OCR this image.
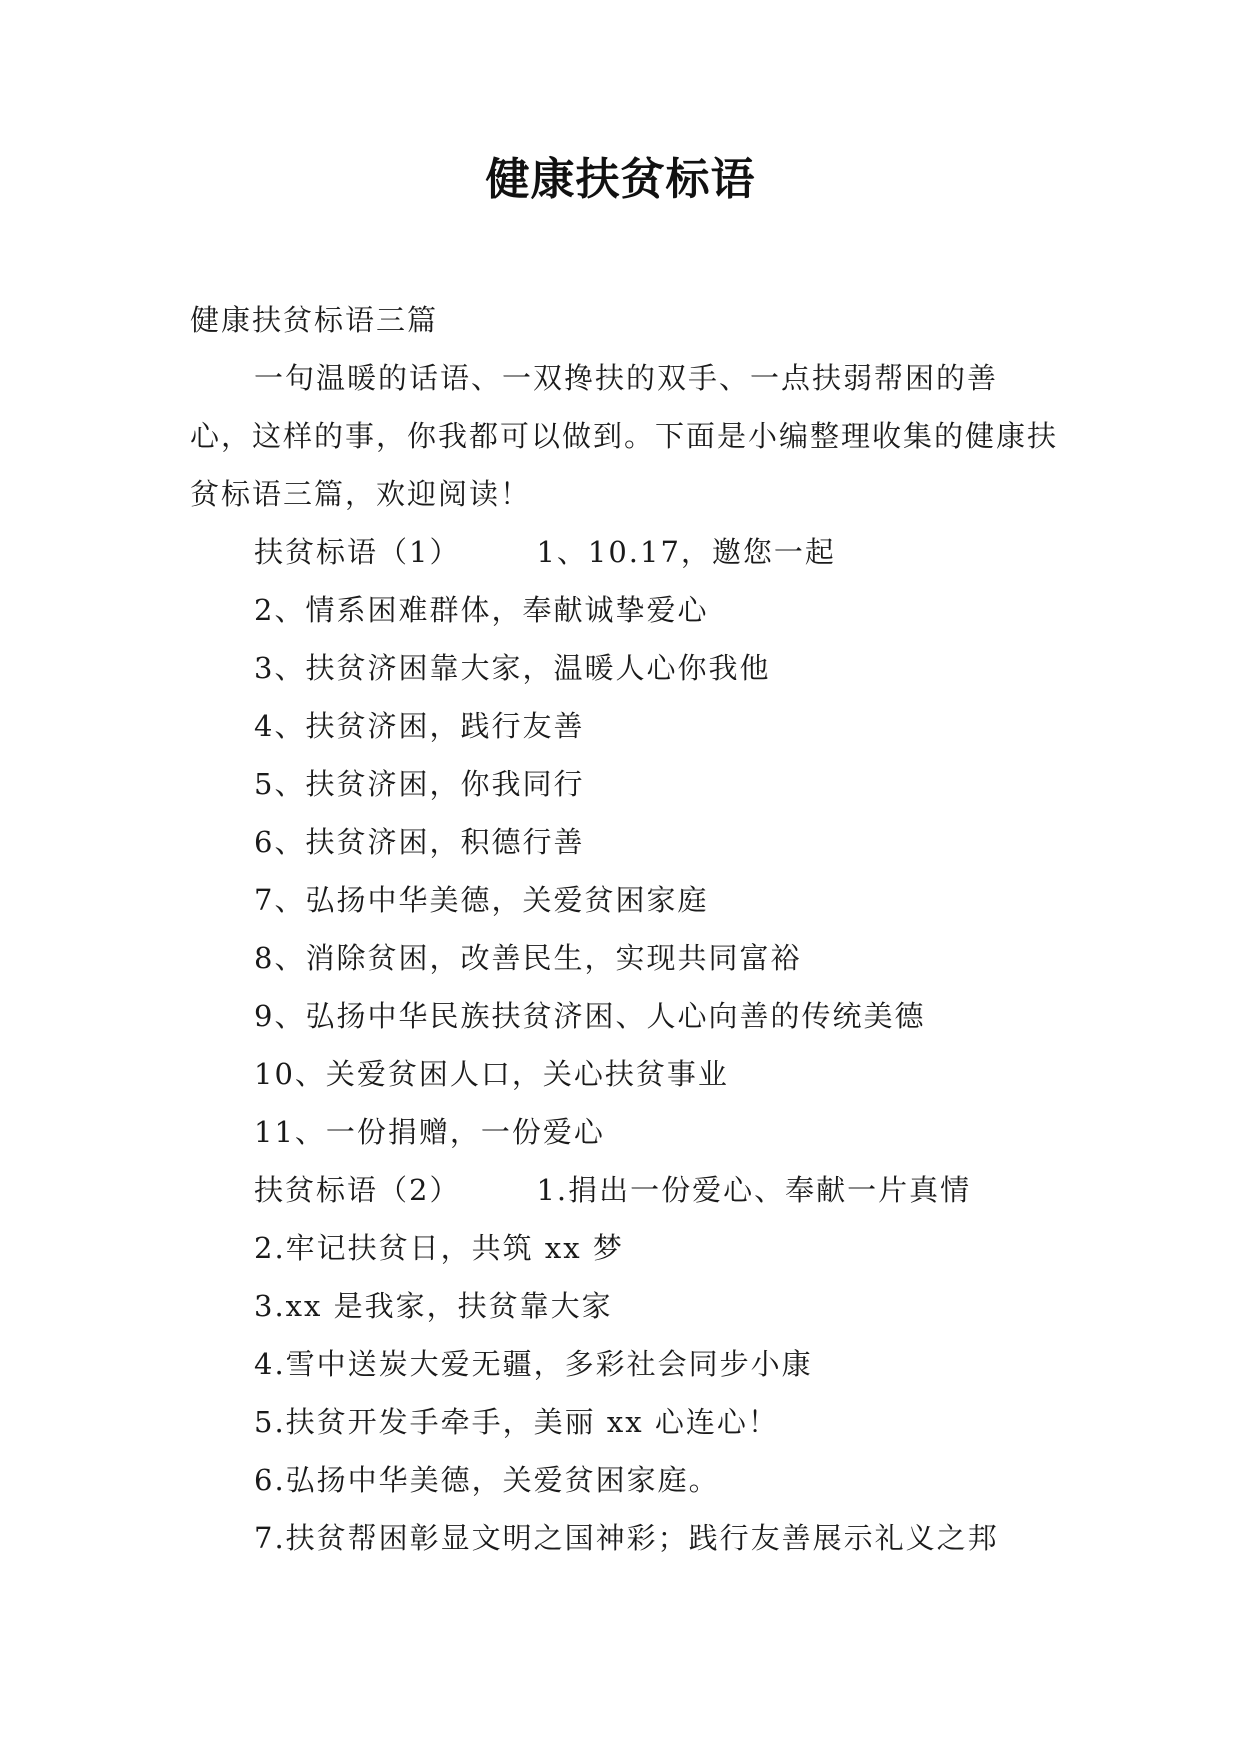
健康扶贫标语
健康扶贫标语三篇
一句温暖的话语、一双搀扶的双手、一点扶弱帮困的善心，这样的事，你我都可以做到。下面是小编整理收集的健康扶贫标语三篇，欢迎阅读！
扶贫标语（1）	1、10.17，邀您一起
2、情系困难群体，奉献诚挚爱心
3、扶贫济困靠大家，温暖人心你我他
4、扶贫济困，践行友善
5、扶贫济困，你我同行
6、扶贫济困，积德行善
7、弘扬中华美德，关爱贫困家庭
8、消除贫困，改善民生，实现共同富裕
9、弘扬中华民族扶贫济困、人心向善的传统美德
10、关爱贫困人口，关心扶贫事业
11、一份捐赠，一份爱心
扶贫标语（2）	1.捐出一份爱心、奉献一片真情
2.牢记扶贫日，共筑 xx 梦
3.xx 是我家，扶贫靠大家
4.雪中送炭大爱无疆，多彩社会同步小康
5.扶贫开发手牵手，美丽 xx 心连心！
6.弘扬中华美德，关爱贫困家庭。
7.扶贫帮困彰显文明之国神彩；践行友善展示礼义之邦
